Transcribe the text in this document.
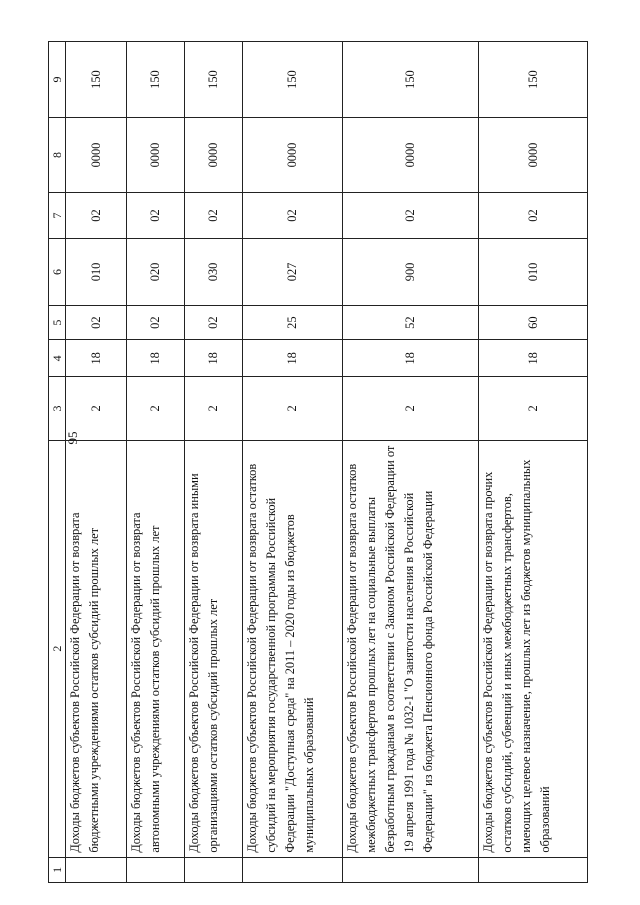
95
1	2	3	4	5	6	7	8	9
	Доходы бюджетов субъектов Российской Федерации от возврата бюджетными учреждениями остатков субсидий прошлых лет	2	18	02	010	02	0000	150
	Доходы бюджетов субъектов Российской Федерации от возврата автономными учреждениями остатков субсидий прошлых лет	2	18	02	020	02	0000	150
	Доходы бюджетов субъектов Российской Федерации от возврата иными организациями остатков субсидий прошлых лет	2	18	02	030	02	0000	150
	Доходы бюджетов субъектов Российской Федерации от возврата остатков субсидий на мероприятия государственной программы Российской Федерации "Доступная среда" на 2011 – 2020 годы из бюджетов муниципальных образований	2	18	25	027	02	0000	150
	Доходы бюджетов субъектов Российской Федерации от возврата остатков межбюджетных трансфертов прошлых лет на социальные выплаты безработным гражданам в соответствии с Законом Российской Федерации от 19 апреля 1991 года № 1032-1 "О занятости населения в Российской Федерации" из бюджета Пенсионного фонда Российской Федерации	2	18	52	900	02	0000	150
	Доходы бюджетов субъектов Российской Федерации от возврата прочих остатков субсидий, субвенций и иных межбюджетных трансфертов, имеющих целевое назначение, прошлых лет из бюджетов муниципальных образований	2	18	60	010	02	0000	150
